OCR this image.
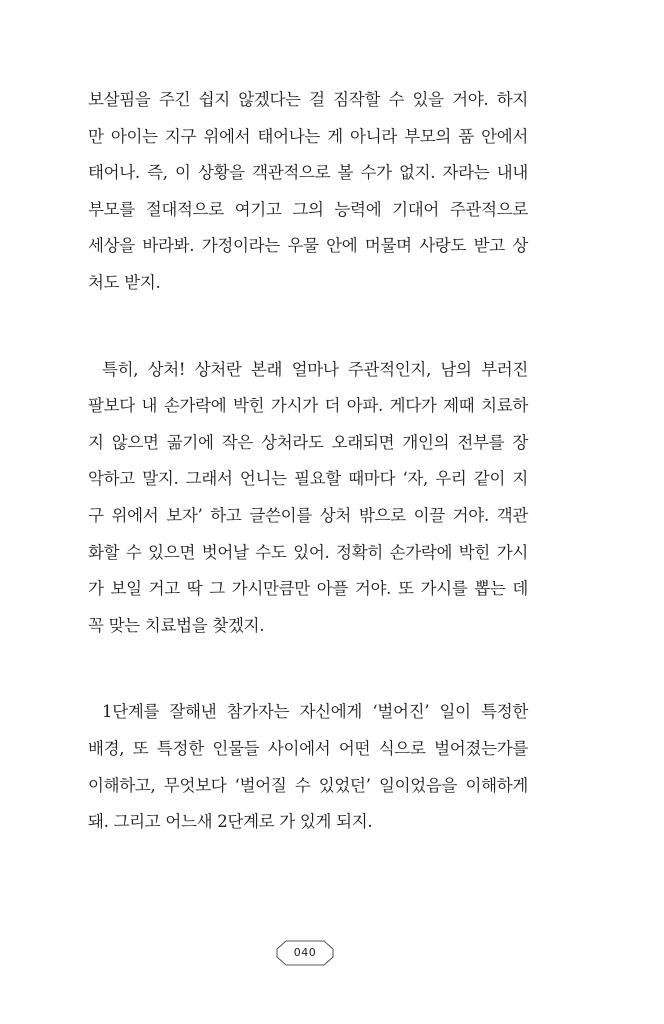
보살핌을 주긴 쉽지 않겠다는 걸 짐작할 수 있을 거야. 하지
만 아이는 지구 위에서 태어나는 게 아니라 부모의 품 안에서
태어나. 즉, 이 상황을 객관적으로 볼 수가 없지. 자라는 내내
부모를 절대적으로 여기고 그의 능력에 기대어 주관적으로
세상을 바라봐. 가정이라는 우물 안에 머물며 사랑도 받고 상
처도 받지.

특히, 상처! 상처란 본래 얼마나 주관적인지, 남의 부러진
팔보다 내 손가락에 박힌 가시가 더 아파. 게다가 제때 치료하
지 않으면 곪기에 작은 상처라도 오래되면 개인의 전부를 장
악하고 말지. 그래서 언니는 필요할 때마다 ‘자, 우리 같이 지
구 위에서 보자’ 하고 글쓴이를 상처 밖으로 이끌 거야. 객관
화할 수 있으면 벗어날 수도 있어. 정확히 손가락에 박힌 가시
가 보일 거고 딱 그 가시만큼만 아플 거야. 또 가시를 뽑는 데
꼭 맞는 치료법을 찾겠지.

1단계를 잘해낸 참가자는 자신에게 ‘벌어진’ 일이 특정한
배경, 또 특정한 인물들 사이에서 어떤 식으로 벌어졌는가를
이해하고, 무엇보다 ‘벌어질 수 있었던’ 일이었음을 이해하게
돼. 그리고 어느새 2단계로 가 있게 되지.

040
